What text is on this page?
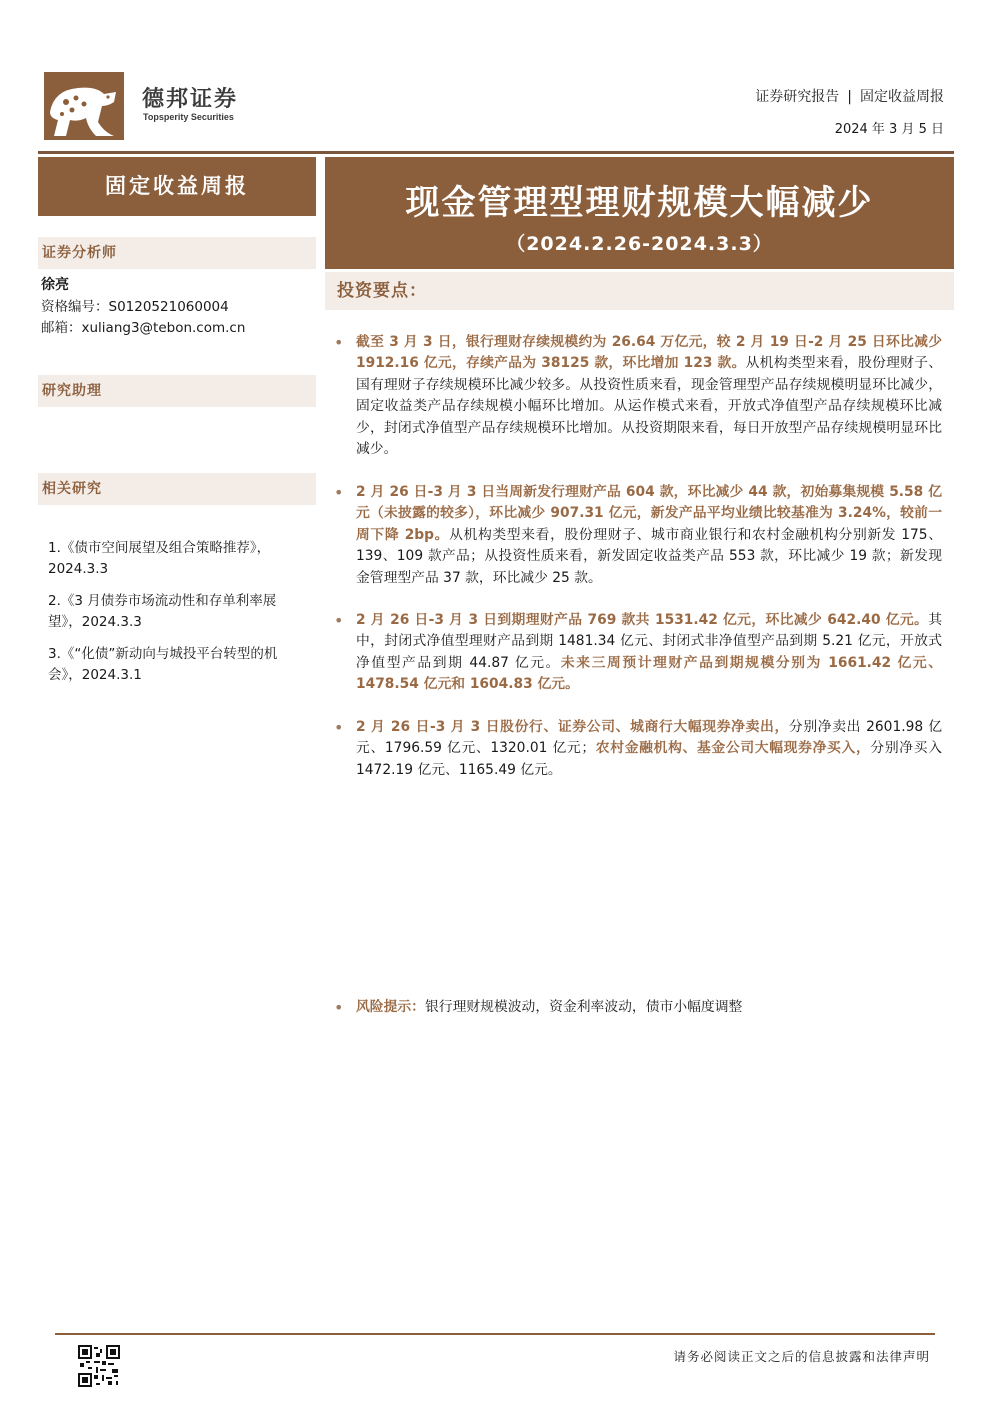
德邦证券
Topsperity Securities
证券研究报告 | 固定收益周报
2024 年 3 月 5 日
固定收益周报
证券分析师
徐亮
资格编号：S0120521060004
邮箱：xuliang3@tebon.com.cn
研究助理
相关研究
1.《债市空间展望及组合策略推荐》，2024.3.3
2.《3 月债券市场流动性和存单利率展望》，2024.3.3
3.《“化债”新动向与城投平台转型的机会》，2024.3.1
现金管理型理财规模大幅减少
（2024.2.26-2024.3.3）
投资要点：
• 截至 3 月 3 日，银行理财存续规模约为 26.64 万亿元，较 2 月 19 日-2 月 25 日环比减少 1912.16 亿元，存续产品为 38125 款，环比增加 123 款。从机构类型来看，股份理财子、国有理财子存续规模环比减少较多。从投资性质来看，现金管理型产品存续规模明显环比减少，固定收益类产品存续规模小幅环比增加。从运作模式来看，开放式净值型产品存续规模环比减少，封闭式净值型产品存续规模环比增加。从投资期限来看，每日开放型产品存续规模明显环比减少。
• 2 月 26 日-3 月 3 日当周新发行理财产品 604 款，环比减少 44 款，初始募集规模 5.58 亿元（未披露的较多），环比减少 907.31 亿元，新发产品平均业绩比较基准为 3.24%，较前一周下降 2bp。从机构类型来看，股份理财子、城市商业银行和农村金融机构分别新发 175、139、109 款产品；从投资性质来看，新发固定收益类产品 553 款，环比减少 19 款；新发现金管理型产品 37 款，环比减少 25 款。
• 2 月 26 日-3 月 3 日到期理财产品 769 款共 1531.42 亿元，环比减少 642.40 亿元。其中，封闭式净值型理财产品到期 1481.34 亿元、封闭式非净值型产品到期 5.21 亿元，开放式净值型产品到期 44.87 亿元。未来三周预计理财产品到期规模分别为 1661.42 亿元、1478.54 亿元和 1604.83 亿元。
• 2 月 26 日-3 月 3 日股份行、证券公司、城商行大幅现券净卖出，分别净卖出 2601.98 亿元、1796.59 亿元、1320.01 亿元；农村金融机构、基金公司大幅现券净买入，分别净买入 1472.19 亿元、1165.49 亿元。
• 风险提示：银行理财规模波动，资金利率波动，债市小幅度调整
请务必阅读正文之后的信息披露和法律声明
